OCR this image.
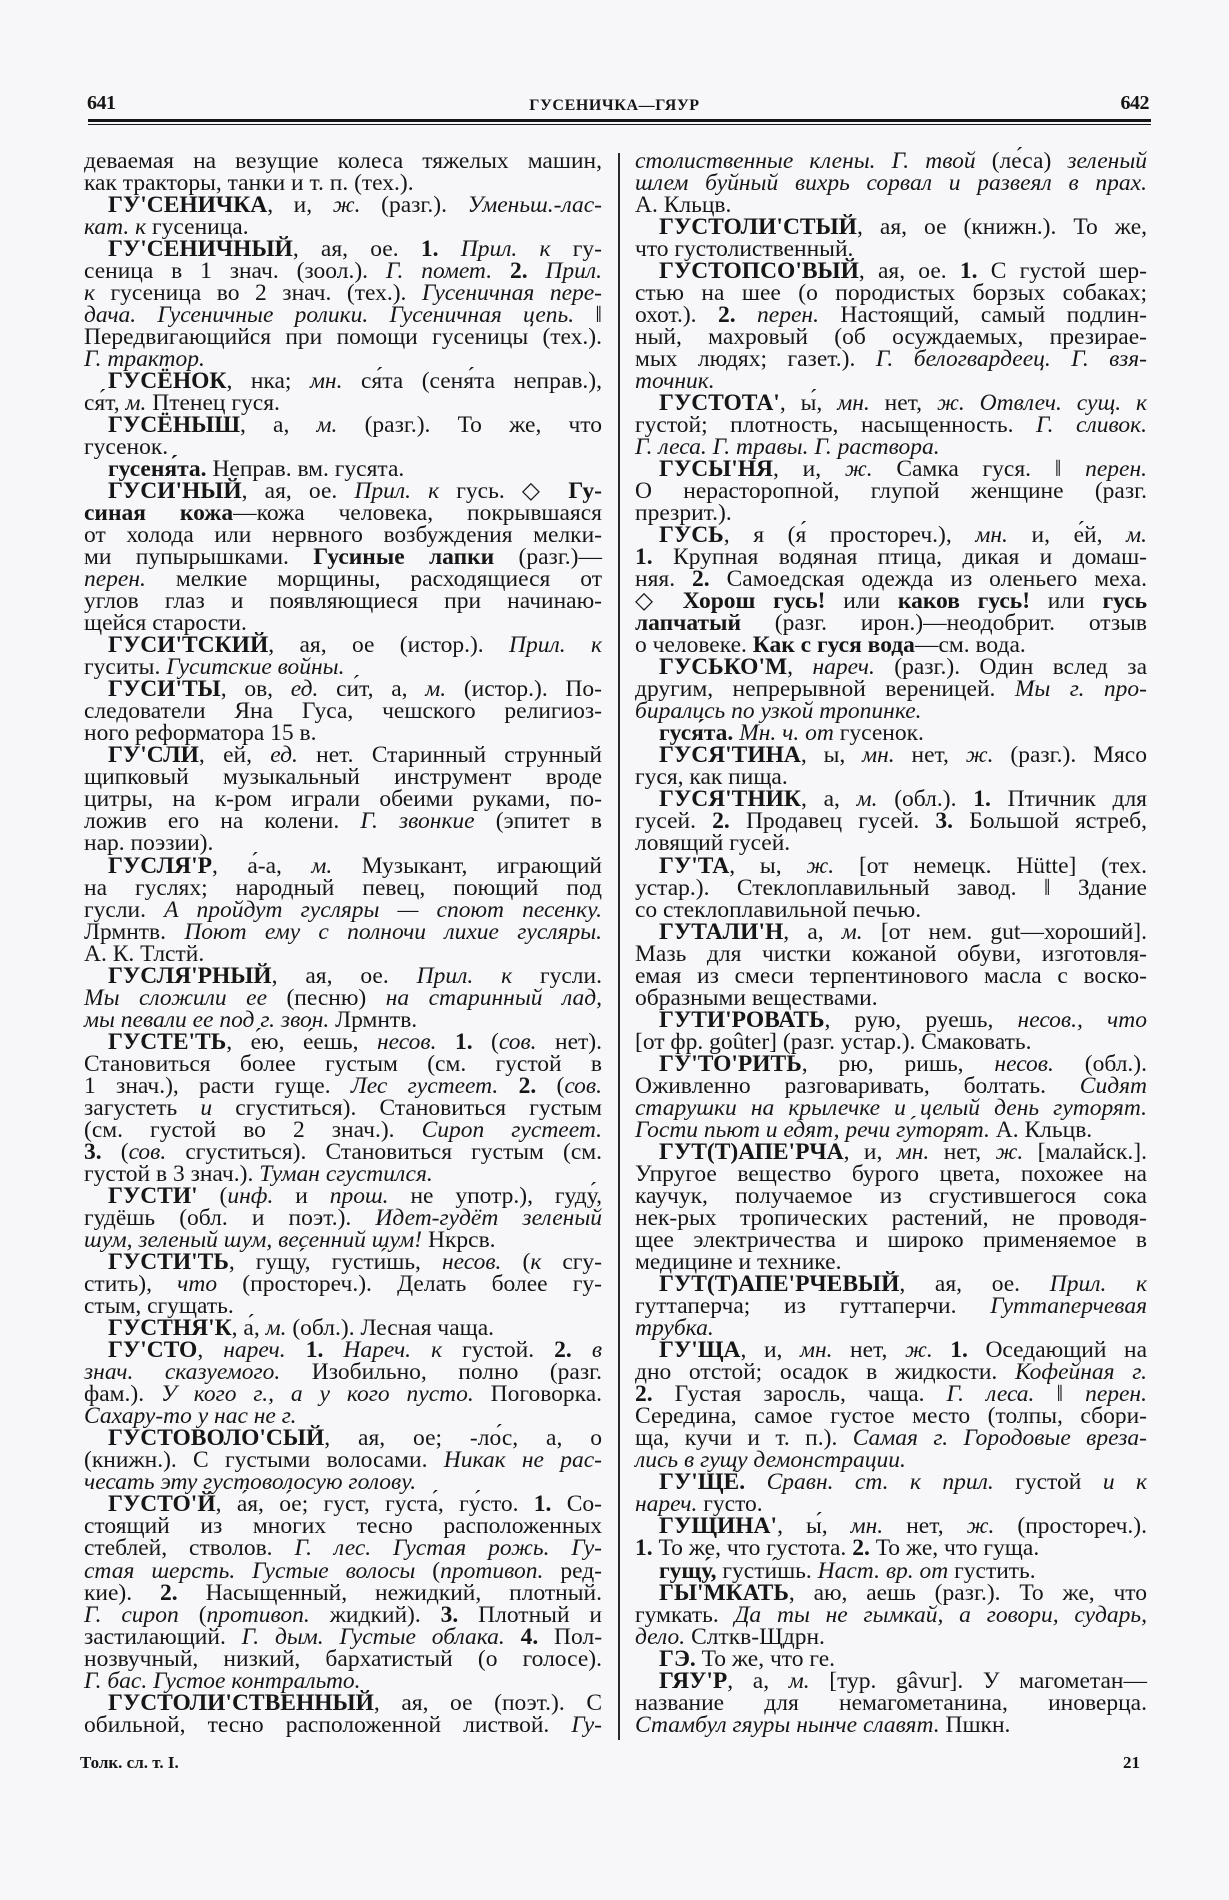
641	ГУСЕНИЧКА—ГЯУР	642
деваемая на везущие колеса тяжелых машин,
как тракторы, танки и т. п. (тех.).
ГУ'СЕНИЧКА, и, ж. (разг.). Уменьш.-лас-
кат. к гусеница.
ГУ'СЕНИЧНЫЙ, ая, ое. 1. Прил. к гу-
сеница в 1 знач. (зоол.). Г. помет. 2. Прил.
к гусеница во 2 знач. (тех.). Гусеничная пере-
дача. Гусеничные ролики. Гусеничная цепь. ‖
Передвигающийся при помощи гусеницы (тех.).
Г. трактор.
ГУСЁНОК, нка; мн. ся́та (сеня́та неправ.),
ся́т, м. Птенец гуся.
ГУСЁНЫШ, а, м. (разг.). То же, что
гусенок.
гусеня́та. Неправ. вм. гусята.
ГУСИ'НЫЙ, ая, ое. Прил. к гусь. ◇ Гу-
синая кожа—кожа человека, покрывшаяся
от холода или нервного возбуждения мелки-
ми пупырышками. Гусиные лапки (разг.)—
перен. мелкие морщины, расходящиеся от
углов глаз и появляющиеся при начинаю-
щейся старости.
ГУСИ'ТСКИЙ, ая, ое (истор.). Прил. к
гуситы. Гуситские войны.
ГУСИ'ТЫ, ов, ед. си́т, а, м. (истор.). По-
следователи Яна Гуса, чешского религиоз-
ного реформатора 15 в.
ГУ'СЛИ, ей, ед. нет. Старинный струнный
щипковый музыкальный инструмент вроде
цитры, на к-ром играли обеими руками, по-
ложив его на колени. Г. звонкие (эпитет в
нар. поэзии).
ГУСЛЯ'Р, а́-а, м. Музыкант, играющий
на гуслях; народный певец, поющий под
гусли. А пройдут гусляры — споют песенку.
Лрмнтв. Поют ему с полночи лихие гусляры.
А. К. Тлстй.
ГУСЛЯ'РНЫЙ, ая, ое. Прил. к гусли.
Мы сложили ее (песню) на старинный лад,
мы певали ее под г. звон. Лрмнтв.
ГУСТЕ'ТЬ, е́ю, е́ешь, несов. 1. (сов. нет).
Становиться более густым (см. густой в
1 знач.), расти гуще. Лес густеет. 2. (сов.
загустеть и сгуститься). Становиться густым
(см. густой во 2 знач.). Сироп густеет.
3. (сов. сгуститься). Становиться густым (см.
густой в 3 знач.). Туман сгустился.
ГУСТИ' (инф. и прош. не употр.), гуду́,
гудёшь (обл. и поэт.). Идет-гудёт зеленый
шум, зеленый шум, весенний шум! Нкрсв.
ГУСТИ'ТЬ, гущу́, густи́шь, несов. (к сгу-
стить), что (простореч.). Делать более гу-
стым, сгущать.
ГУСТНЯ'К, а́, м. (обл.). Лесная чаща.
ГУ'СТО, нареч. 1. Нареч. к густой. 2. в
знач. сказуемого. Изобильно, полно (разг.
фам.). У кого г., а у кого пусто. Поговорка.
Сахару-то у нас не г.
ГУСТОВОЛО'СЫЙ, ая, ое; -ло́с, а, о
(книжн.). С густыми волосами. Никак не рас-
чесать эту густоволосую голову.
ГУСТО'Й, а́я, о́е; густ, густа́, гу́сто. 1. Со-
стоящий из многих тесно расположенных
стеблей, стволов. Г. лес. Густая рожь. Гу-
стая шерсть. Густые волосы (противоп. ред-
кие). 2. Насыщенный, нежидкий, плотный.
Г. сироп (противоп. жидкий). 3. Плотный и
застилающий. Г. дым. Густые облака. 4. Пол-
нозвучный, низкий, бархатистый (о голосе).
Г. бас. Густое контральто.
ГУСТОЛИ'СТВЕННЫЙ, ая, ое (поэт.). С
обильной, тесно расположенной листвой. Гу-
столиственные клены. Г. твой (ле́са) зеленый
шлем буйный вихрь сорвал и развеял в прах.
А. Кльцв.
ГУСТОЛИ'СТЫЙ, ая, ое (книжн.). То же,
что густолиственный.
ГУСТОПСО'ВЫЙ, ая, ое. 1. С густой шер-
стью на шее (о породистых борзых собаках;
охот.). 2. перен. Настоящий, самый подлин-
ный, махровый (об осуждаемых, презирае-
мых людях; газет.). Г. белогвардеец. Г. взя-
точник.
ГУСТОТА', ы́, мн. нет, ж. Отвлеч. сущ. к
густой; плотность, насыщенность. Г. сливок.
Г. леса. Г. травы. Г. раствора.
ГУСЫ'НЯ, и, ж. Самка гуся. ‖ перен.
О нерасторопной, глупой женщине (разг.
презрит.).
ГУСЬ, я (я́ простореч.), мн. и, е́й, м.
1. Крупная водяная птица, дикая и домаш-
няя. 2. Самоедская одежда из оленьего меха.
◇ Хорош гусь! или каков гусь! или гусь
лапчатый (разг. ирон.)—неодобрит. отзыв
о человеке. Как с гуся вода—см. вода.
ГУСЬКО'М, нареч. (разг.). Один вслед за
другим, непрерывной вереницей. Мы г. про-
бирались по узкой тропинке.
гуся́та. Мн. ч. от гусенок.
ГУСЯ'ТИНА, ы, мн. нет, ж. (разг.). Мясо
гуся, как пища.
ГУСЯ'ТНИК, а, м. (обл.). 1. Птичник для
гусей. 2. Продавец гусей. 3. Большой ястреб,
ловящий гусей.
ГУ'ТА, ы, ж. [от немецк. Hütte] (тех.
устар.). Стеклоплавильный завод. ‖ Здание
со стеклоплавильной печью.
ГУТАЛИ'Н, а, м. [от нем. gut—хороший].
Мазь для чистки кожаной обуви, изготовля-
емая из смеси терпентинового масла с воско-
образными веществами.
ГУТИ'РОВАТЬ, рую, руешь, несов., что
[от фр. goûter] (разг. устар.). Смаковать.
ГУ'ТО'РИТЬ, рю, ришь, несов. (обл.).
Оживленно разговаривать, болтать. Сидят
старушки на крылечке и целый день гуторят.
Гости пьют и едят, речи гу́торят. А. Кльцв.
ГУТ(Т)АПЕ'РЧА, и, мн. нет, ж. [малайск.].
Упругое вещество бурого цвета, похожее на
каучук, получаемое из сгустившегося сока
нек-рых тропических растений, не проводя-
щее электричества и широко применяемое в
медицине и технике.
ГУТ(Т)АПЕ'РЧЕВЫЙ, ая, ое. Прил. к
гуттаперча; из гуттаперчи. Гуттаперчевая
трубка.
ГУ'ЩА, и, мн. нет, ж. 1. Оседающий на
дно отстой; осадок в жидкости. Кофейная г.
2. Густая заросль, чаща. Г. леса. ‖ перен.
Середина, самое густое место (толпы, сбори-
ща, кучи и т. п.). Самая г. Городовые вреза-
лись в гущу демонстрации.
ГУ'ЩЕ. Сравн. ст. к прил. густой и к
нареч. густо.
ГУЩИНА', ы́, мн. нет, ж. (простореч.).
1. То же, что густота. 2. То же, что гуща.
гущу́, густи́шь. Наст. вр. от густить.
ГЫ'МКАТЬ, аю, аешь (разг.). То же, что
гумкать. Да ты не гымкай, а говори, сударь,
дело. Слткв-Щдрн.
ГЭ. То же, что ге.
ГЯУ'Р, а, м. [тур. gâvur]. У магометан—
название для немагометанина, иноверца.
Стамбул гяуры нынче славят. Пшкн.
Толк. сл. т. I.	21
